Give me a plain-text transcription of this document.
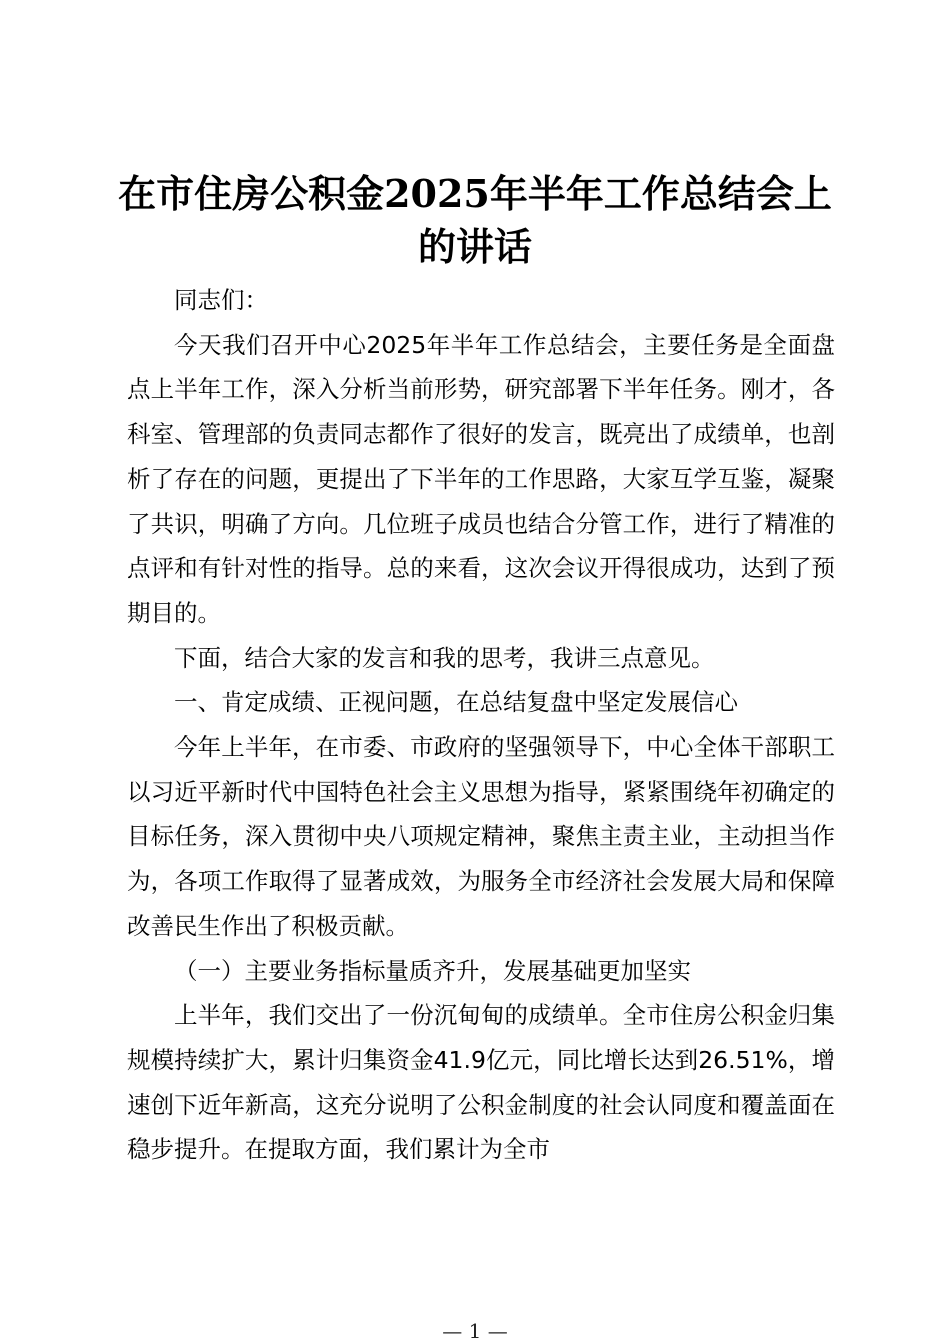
在市住房公积金2025年半年工作总结会上的讲话

同志们：

今天我们召开中心2025年半年工作总结会，主要任务是全面盘点上半年工作，深入分析当前形势，研究部署下半年任务。刚才，各科室、管理部的负责同志都作了很好的发言，既亮出了成绩单，也剖析了存在的问题，更提出了下半年的工作思路，大家互学互鉴，凝聚了共识，明确了方向。几位班子成员也结合分管工作，进行了精准的点评和有针对性的指导。总的来看，这次会议开得很成功，达到了预期目的。

下面，结合大家的发言和我的思考，我讲三点意见。

一、肯定成绩、正视问题，在总结复盘中坚定发展信心

今年上半年，在市委、市政府的坚强领导下，中心全体干部职工以习近平新时代中国特色社会主义思想为指导，紧紧围绕年初确定的目标任务，深入贯彻中央八项规定精神，聚焦主责主业，主动担当作为，各项工作取得了显著成效，为服务全市经济社会发展大局和保障改善民生作出了积极贡献。

（一）主要业务指标量质齐升，发展基础更加坚实

上半年，我们交出了一份沉甸甸的成绩单。全市住房公积金归集规模持续扩大，累计归集资金41.9亿元，同比增长达到26.51%，增速创下近年新高，这充分说明了公积金制度的社会认同度和覆盖面在稳步提升。在提取方面，我们累计为全市

— 1 —
